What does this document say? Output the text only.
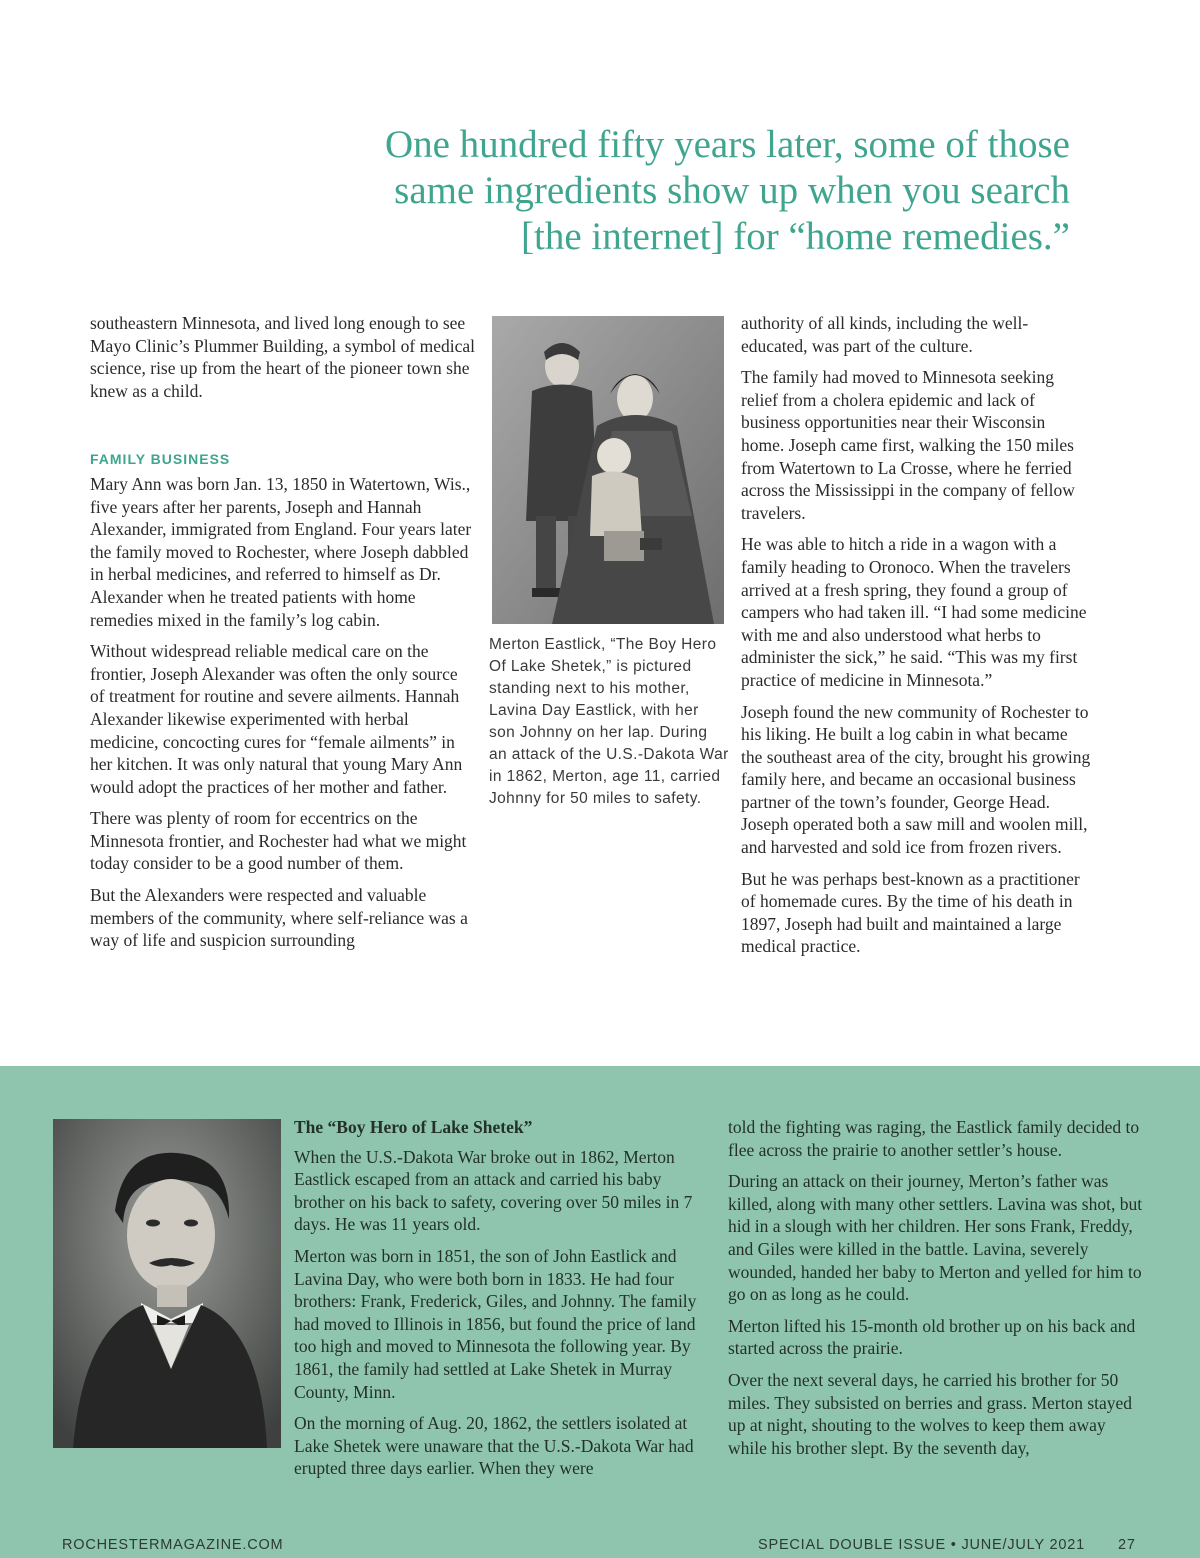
One hundred fifty years later, some of those
same ingredients show up when you search
[the internet] for “home remedies.”

southeastern Minnesota, and lived long enough to see Mayo Clinic’s Plummer Building, a symbol of medical science, rise up from the heart of the pioneer town she knew as a child.

FAMILY BUSINESS

Mary Ann was born Jan. 13, 1850 in Watertown, Wis., five years after her parents, Joseph and Hannah Alexander, immigrated from England. Four years later the family moved to Rochester, where Joseph dabbled in herbal medicines, and referred to himself as Dr. Alexander when he treated patients with home remedies mixed in the family’s log cabin.

Without widespread reliable medical care on the frontier, Joseph Alexander was often the only source of treatment for routine and severe ailments. Hannah Alexander likewise experimented with herbal medicine, concocting cures for “female ailments” in her kitchen. It was only natural that young Mary Ann would adopt the practices of her mother and father.

There was plenty of room for eccentrics on the Minnesota frontier, and Rochester had what we might today consider to be a good number of them.

But the Alexanders were respected and valuable members of the community, where self-reliance was a way of life and suspicion surrounding

Merton Eastlick, “The Boy Hero Of Lake Shetek,” is pictured standing next to his mother, Lavina Day Eastlick, with her son Johnny on her lap. During an attack of the U.S.-Dakota War in 1862, Merton, age 11, carried Johnny for 50 miles to safety.

authority of all kinds, including the well-educated, was part of the culture.

The family had moved to Minnesota seeking relief from a cholera epidemic and lack of business opportunities near their Wisconsin home. Joseph came first, walking the 150 miles from Watertown to La Crosse, where he ferried across the Mississippi in the company of fellow travelers.

He was able to hitch a ride in a wagon with a family heading to Oronoco. When the travelers arrived at a fresh spring, they found a group of campers who had taken ill. “I had some medicine with me and also understood what herbs to administer the sick,” he said. “This was my first practice of medicine in Minnesota.”

Joseph found the new community of Rochester to his liking. He built a log cabin in what became the southeast area of the city, brought his growing family here, and became an occasional business partner of the town’s founder, George Head. Joseph operated both a saw mill and woolen mill, and harvested and sold ice from frozen rivers.

But he was perhaps best-known as a practitioner of homemade cures. By the time of his death in 1897, Joseph had built and maintained a large medical practice.

The “Boy Hero of Lake Shetek”

When the U.S.-Dakota War broke out in 1862, Merton Eastlick escaped from an attack and carried his baby brother on his back to safety, covering over 50 miles in 7 days. He was 11 years old.

Merton was born in 1851, the son of John Eastlick and Lavina Day, who were both born in 1833. He had four brothers: Frank, Frederick, Giles, and Johnny. The family had moved to Illinois in 1856, but found the price of land too high and moved to Minnesota the following year. By 1861, the family had settled at Lake Shetek in Murray County, Minn.

On the morning of Aug. 20, 1862, the settlers isolated at Lake Shetek were unaware that the U.S.-Dakota War had erupted three days earlier. When they were

told the fighting was raging, the Eastlick family decided to flee across the prairie to another settler’s house.

During an attack on their journey, Merton’s father was killed, along with many other settlers. Lavina was shot, but hid in a slough with her children. Her sons Frank, Freddy, and Giles were killed in the battle. Lavina, severely wounded, handed her baby to Merton and yelled for him to go on as long as he could.

Merton lifted his 15-month old brother up on his back and started across the prairie.

Over the next several days, he carried his brother for 50 miles. They subsisted on berries and grass. Merton stayed up at night, shouting to the wolves to keep them away while his brother slept. By the seventh day,

ROCHESTERMAGAZINE.COM	SPECIAL DOUBLE ISSUE • JUNE/JULY 2021 27
